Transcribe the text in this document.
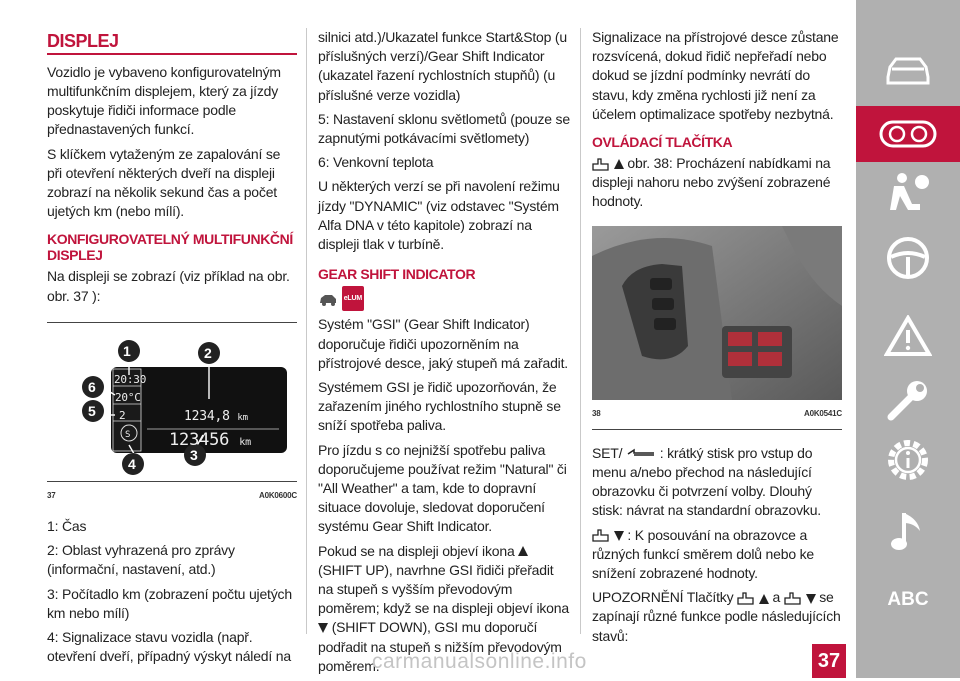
DISPLEJ

Vozidlo je vybaveno konfigurovatelným multifunkčním displejem, který za jízdy poskytuje řidiči informace podle přednastavených funkcí.

S klíčkem vytaženým ze zapalování se při otevření některých dveří na displeji zobrazí na několik sekund čas a počet ujetých km (nebo mílí).

KONFIGUROVATELNÝ MULTIFUNKČNÍ DISPLEJ

Na displeji se zobrazí (viz příklad na obr. obr. 37 ):

20:30
20°C
2
S
1234,8 km
123456 km
1	2
3
4
5
6
37	A0K0600C

1: Čas

2: Oblast vyhrazená pro zprávy (informační, nastavení, atd.)

3: Počítadlo km (zobrazení počtu ujetých km nebo mílí)

4: Signalizace stavu vozidla (např. otevření dveří, případný výskyt náledí na

silnici atd.)/Ukazatel funkce Start&Stop (u příslušných verzí)/Gear Shift Indicator (ukazatel řazení rychlostních stupňů) (u příslušné verze vozidla)

5: Nastavení sklonu světlometů (pouze se zapnutými potkávacími světlomety)

6: Venkovní teplota

U některých verzí se při navolení režimu jízdy "DYNAMIC" (viz odstavec "Systém Alfa DNA v této kapitole) zobrazí na displeji tlak v turbíně.

GEAR SHIFT INDICATOR
eLUM

Systém "GSI" (Gear Shift Indicator) doporučuje řidiči upozorněním na přístrojové desce, jaký stupeň má zařadit.

Systémem GSI je řidič upozorňován, že zařazením jiného rychlostního stupně se sníží spotřeba paliva.

Pro jízdu s co nejnižší spotřebu paliva doporučujeme používat režim "Natural" či "All Weather" a tam, kde to dopravní situace dovoluje, sledovat doporučení systému Gear Shift Indicator.

Pokud se na displeji objeví ikona  (SHIFT UP), navrhne GSI řidiči přeřadit na stupeň s vyšším převodovým poměrem; když se na displeji objeví ikona  (SHIFT DOWN), GSI mu doporučí podřadit na stupeň s nižším převodovým poměrem.

Signalizace na přístrojové desce zůstane rozsvícená, dokud řidič nepřeřadí nebo dokud se jízdní podmínky nevrátí do stavu, kdy změna rychlosti již není za účelem optimalizace spotřeby nezbytná.

OVLÁDACÍ TLAČÍTKA

obr. 38: Procházení nabídkami na displeji nahoru nebo zvýšení zobrazené hodnoty.

38	A0K0541C

SET/	: krátký stisk pro vstup do menu a/nebo přechod na následující obrazovku či potvrzení volby. Dlouhý stisk: návrat na standardní obrazovku.

: K posouvání na obrazovce a různých funkcí směrem dolů nebo ke snížení zobrazené hodnoty.

UPOZORNĚNÍ Tlačítky	a	se zapínají různé funkce podle následujících stavů:

ABC
carmanualsonline.info	37
